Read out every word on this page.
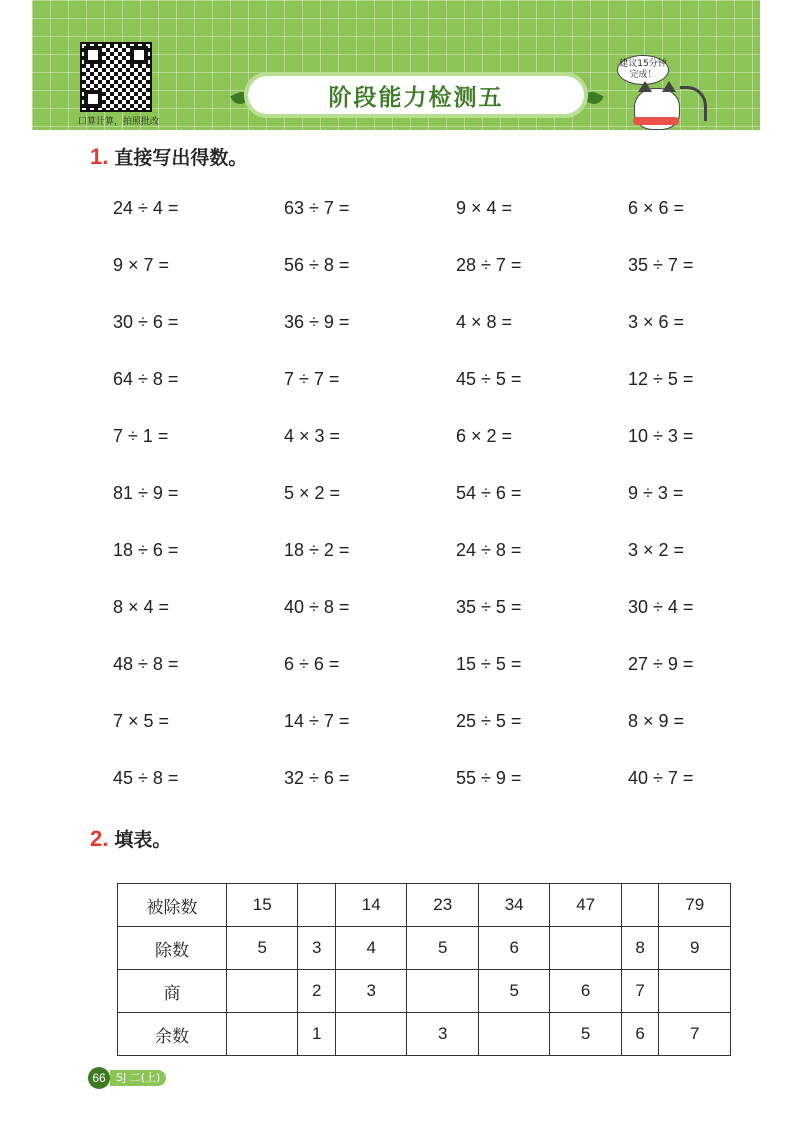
口算计算，拍照批改
阶段能力检测五
建议15分钟完成！
1. 直接写出得数。
24 ÷ 4 =	63 ÷ 7 =	9 × 4 =	6 × 6 =
9 × 7 =	56 ÷ 8 =	28 ÷ 7 =	35 ÷ 7 =
30 ÷ 6 =	36 ÷ 9 =	4 × 8 =	3 × 6 =
64 ÷ 8 =	7 ÷ 7 =	45 ÷ 5 =	12 ÷ 5 =
7 ÷ 1 =	4 × 3 =	6 × 2 =	10 ÷ 3 =
81 ÷ 9 =	5 × 2 =	54 ÷ 6 =	9 ÷ 3 =
18 ÷ 6 =	18 ÷ 2 =	24 ÷ 8 =	3 × 2 =
8 × 4 =	40 ÷ 8 =	35 ÷ 5 =	30 ÷ 4 =
48 ÷ 8 =	6 ÷ 6 =	15 ÷ 5 =	27 ÷ 9 =
7 × 5 =	14 ÷ 7 =	25 ÷ 5 =	8 × 9 =
45 ÷ 8 =	32 ÷ 6 =	55 ÷ 9 =	40 ÷ 7 =
2. 填表。
被除数	15		14	23	34	47		79
除数	5	3	4	5	6		8	9
商		2	3		5	6	7	
余数		1		3		5	6	7
66 SJ 二(上)
